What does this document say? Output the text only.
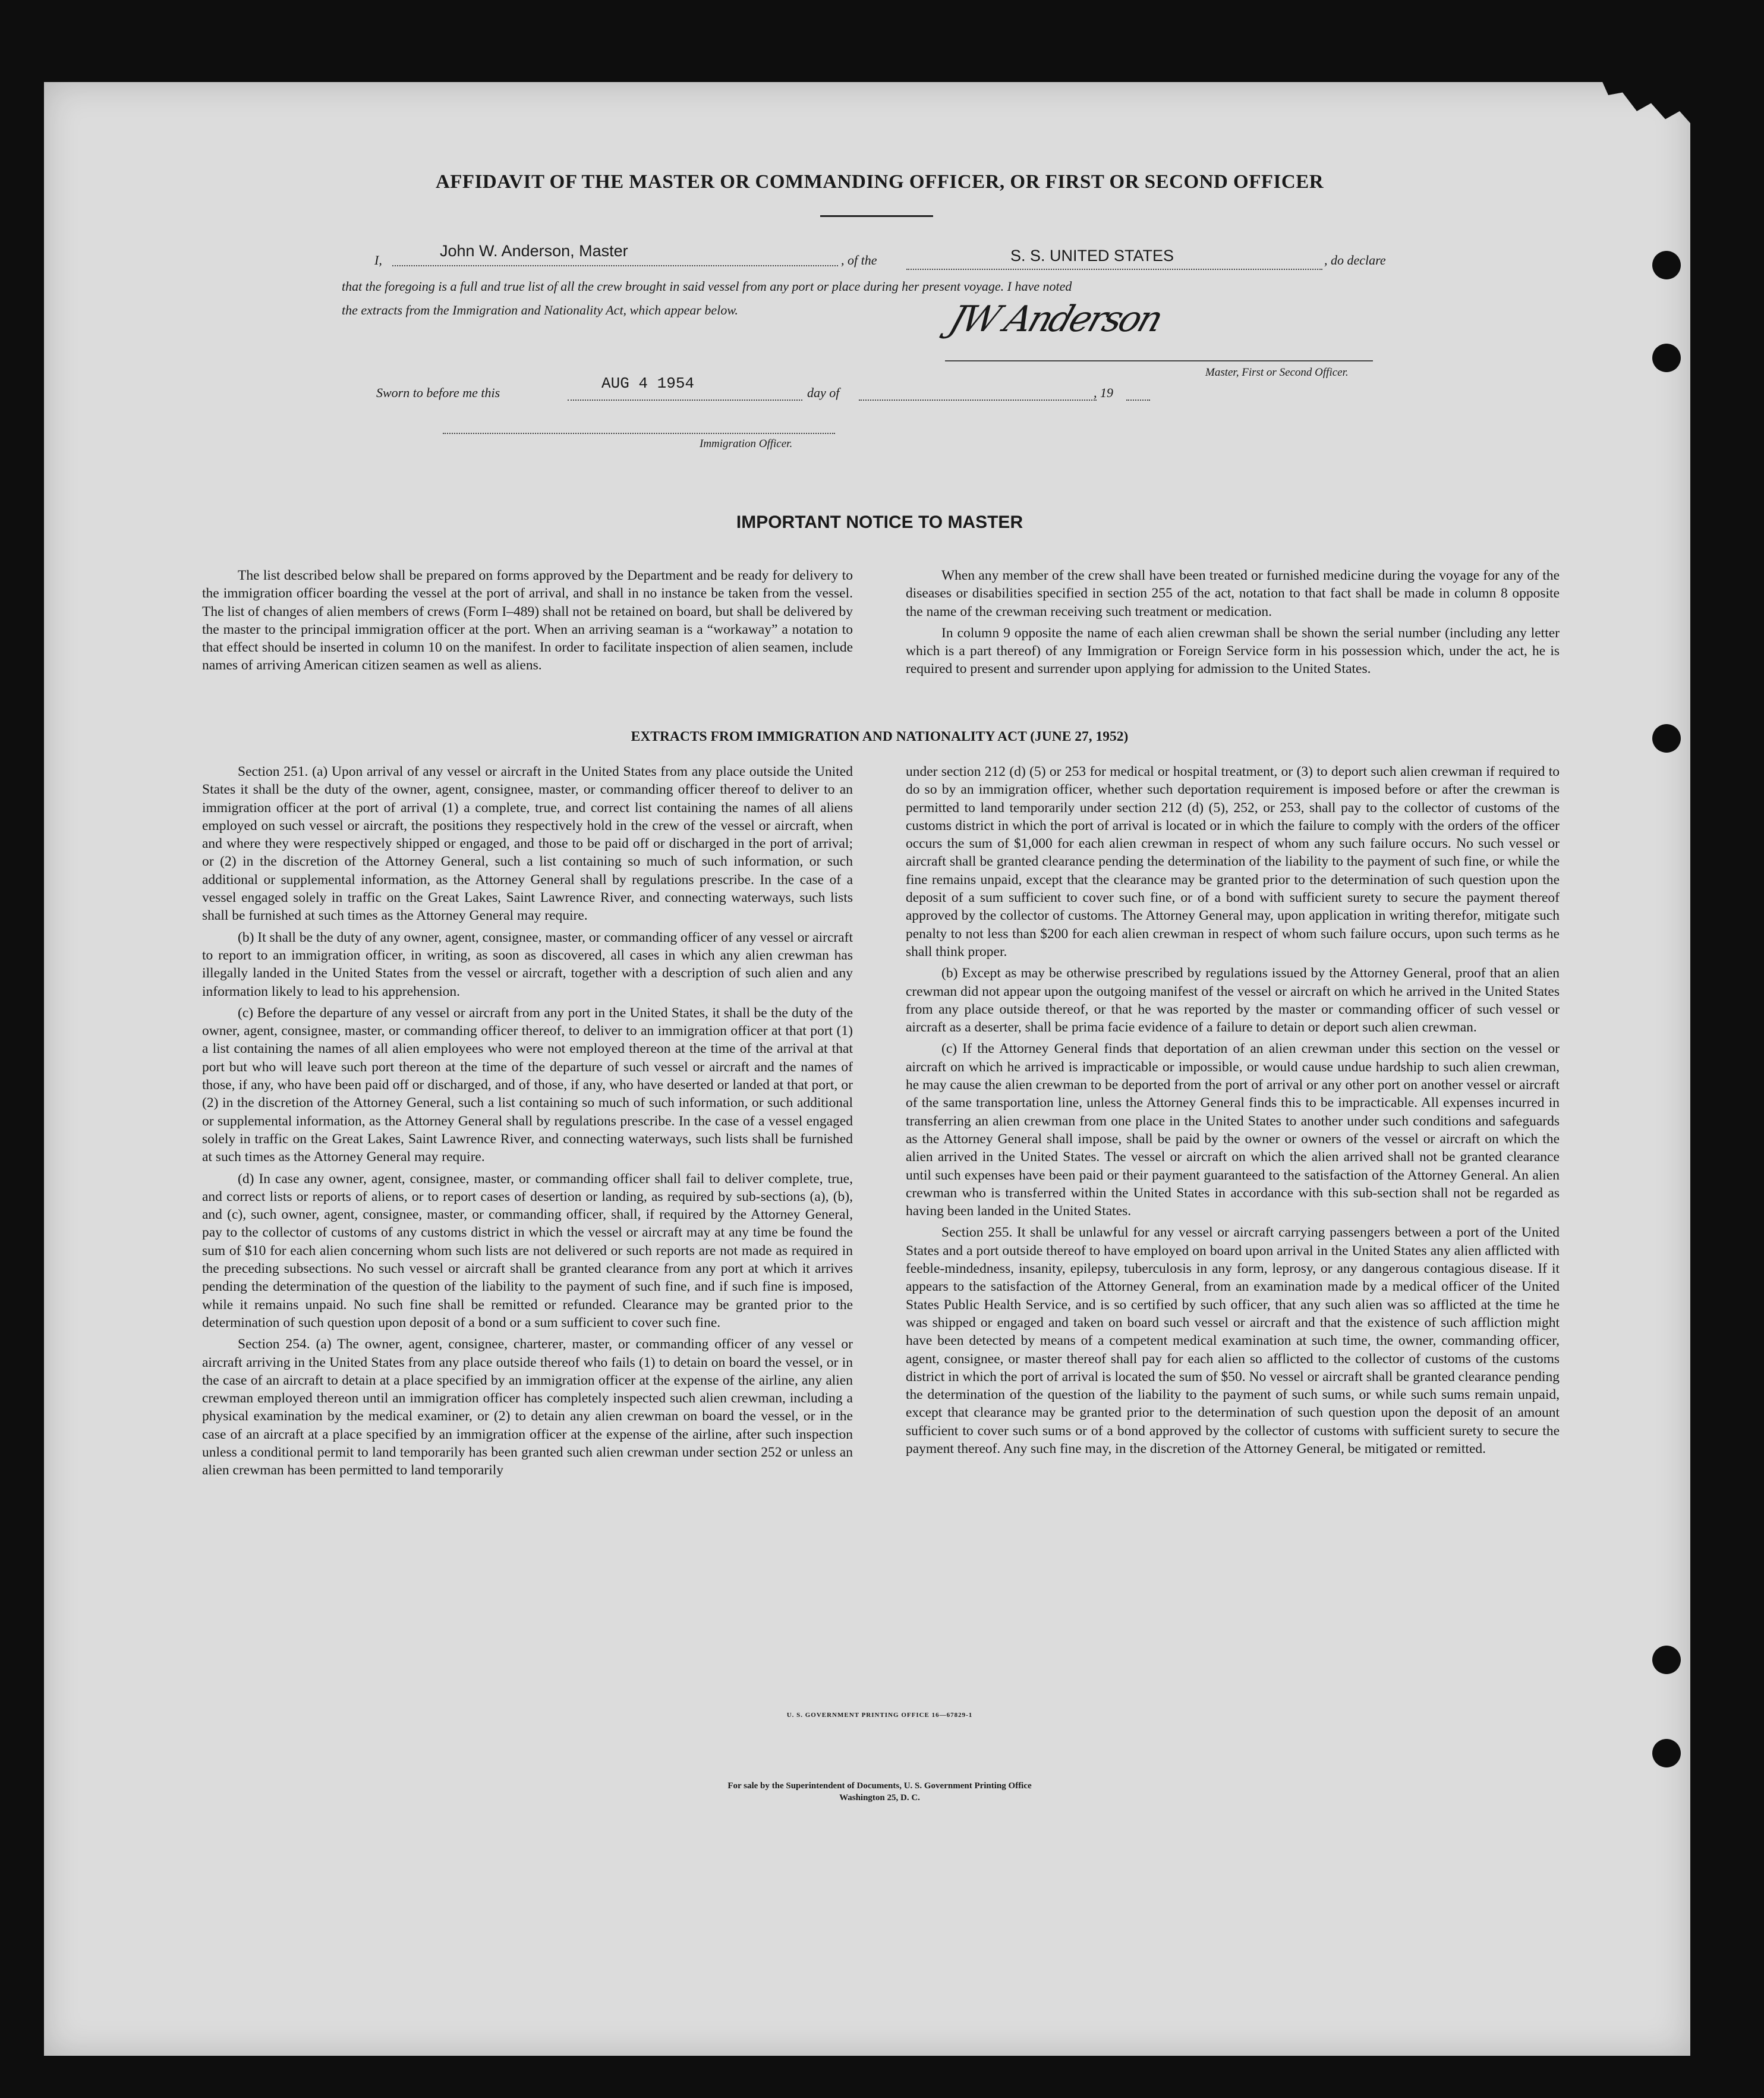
AFFIDAVIT OF THE MASTER OR COMMANDING OFFICER, OR FIRST OR SECOND OFFICER
I,
John W. Anderson, Master
, of the	S. S. UNITED STATES	, do declare
that the foregoing is a full and true list of all the crew brought in said vessel from any port or place during her present voyage. I have noted
the extracts from the Immigration and Nationality Act, which appear below.	JW Anderson
Master, First or Second Officer.
Sworn to before me this
AUG 4 1954
day of	, 19
Immigration Officer.
IMPORTANT NOTICE TO MASTER

The list described below shall be prepared on forms approved by the Department and be ready for delivery to the immigration officer boarding the vessel at the port of arrival, and shall in no instance be taken from the vessel. The list of changes of alien members of crews (Form I–489) shall not be retained on board, but shall be delivered by the master to the principal immigration officer at the port. When an arriving seaman is a “workaway” a notation to that effect should be inserted in column 10 on the manifest. In order to facilitate inspection of alien seamen, include names of arriving American citizen seamen as well as aliens.

When any member of the crew shall have been treated or furnished medicine during the voyage for any of the diseases or disabilities specified in section 255 of the act, notation to that fact shall be made in column 8 opposite the name of the crewman receiving such treatment or medication.

In column 9 opposite the name of each alien crewman shall be shown the serial number (including any letter which is a part thereof) of any Immigration or Foreign Service form in his possession which, under the act, he is required to present and surrender upon applying for admission to the United States.

EXTRACTS FROM IMMIGRATION AND NATIONALITY ACT (JUNE 27, 1952)

Section 251. (a) Upon arrival of any vessel or aircraft in the United States from any place outside the United States it shall be the duty of the owner, agent, consignee, master, or commanding officer thereof to deliver to an immigration officer at the port of arrival (1) a complete, true, and correct list containing the names of all aliens employed on such vessel or aircraft, the positions they respectively hold in the crew of the vessel or aircraft, when and where they were respectively shipped or engaged, and those to be paid off or discharged in the port of arrival; or (2) in the discretion of the Attorney General, such a list containing so much of such information, or such additional or supplemental information, as the Attorney General shall by regulations prescribe. In the case of a vessel engaged solely in traffic on the Great Lakes, Saint Lawrence River, and connecting waterways, such lists shall be furnished at such times as the Attorney General may require.

(b) It shall be the duty of any owner, agent, consignee, master, or commanding officer of any vessel or aircraft to report to an immigration officer, in writing, as soon as discovered, all cases in which any alien crewman has illegally landed in the United States from the vessel or aircraft, together with a description of such alien and any information likely to lead to his apprehension.

(c) Before the departure of any vessel or aircraft from any port in the United States, it shall be the duty of the owner, agent, consignee, master, or commanding officer thereof, to deliver to an immigration officer at that port (1) a list containing the names of all alien employees who were not employed thereon at the time of the arrival at that port but who will leave such port thereon at the time of the departure of such vessel or aircraft and the names of those, if any, who have been paid off or discharged, and of those, if any, who have deserted or landed at that port, or (2) in the discretion of the Attorney General, such a list containing so much of such information, or such additional or supplemental information, as the Attorney General shall by regulations prescribe. In the case of a vessel engaged solely in traffic on the Great Lakes, Saint Lawrence River, and connecting waterways, such lists shall be furnished at such times as the Attorney General may require.

(d) In case any owner, agent, consignee, master, or commanding officer shall fail to deliver complete, true, and correct lists or reports of aliens, or to report cases of desertion or landing, as required by sub-sections (a), (b), and (c), such owner, agent, consignee, master, or commanding officer, shall, if required by the Attorney General, pay to the collector of customs of any customs district in which the vessel or aircraft may at any time be found the sum of $10 for each alien concerning whom such lists are not delivered or such reports are not made as required in the preceding subsections. No such vessel or aircraft shall be granted clearance from any port at which it arrives pending the determination of the question of the liability to the payment of such fine, and if such fine is imposed, while it remains unpaid. No such fine shall be remitted or refunded. Clearance may be granted prior to the determination of such question upon deposit of a bond or a sum sufficient to cover such fine.

Section 254. (a) The owner, agent, consignee, charterer, master, or commanding officer of any vessel or aircraft arriving in the United States from any place outside thereof who fails (1) to detain on board the vessel, or in the case of an aircraft to detain at a place specified by an immigration officer at the expense of the airline, any alien crewman employed thereon until an immigration officer has completely inspected such alien crewman, including a physical examination by the medical examiner, or (2) to detain any alien crewman on board the vessel, or in the case of an aircraft at a place specified by an immigration officer at the expense of the airline, after such inspection unless a conditional permit to land temporarily has been granted such alien crewman under section 252 or unless an alien crewman has been permitted to land temporarily

under section 212 (d) (5) or 253 for medical or hospital treatment, or (3) to deport such alien crewman if required to do so by an immigration officer, whether such deportation requirement is imposed before or after the crewman is permitted to land temporarily under section 212 (d) (5), 252, or 253, shall pay to the collector of customs of the customs district in which the port of arrival is located or in which the failure to comply with the orders of the officer occurs the sum of $1,000 for each alien crewman in respect of whom any such failure occurs. No such vessel or aircraft shall be granted clearance pending the determination of the liability to the payment of such fine, or while the fine remains unpaid, except that the clearance may be granted prior to the determination of such question upon the deposit of a sum sufficient to cover such fine, or of a bond with sufficient surety to secure the payment thereof approved by the collector of customs. The Attorney General may, upon application in writing therefor, mitigate such penalty to not less than $200 for each alien crewman in respect of whom such failure occurs, upon such terms as he shall think proper.

(b) Except as may be otherwise prescribed by regulations issued by the Attorney General, proof that an alien crewman did not appear upon the outgoing manifest of the vessel or aircraft on which he arrived in the United States from any place outside thereof, or that he was reported by the master or commanding officer of such vessel or aircraft as a deserter, shall be prima facie evidence of a failure to detain or deport such alien crewman.

(c) If the Attorney General finds that deportation of an alien crewman under this section on the vessel or aircraft on which he arrived is impracticable or impossible, or would cause undue hardship to such alien crewman, he may cause the alien crewman to be deported from the port of arrival or any other port on another vessel or aircraft of the same transportation line, unless the Attorney General finds this to be impracticable. All expenses incurred in transferring an alien crewman from one place in the United States to another under such conditions and safeguards as the Attorney General shall impose, shall be paid by the owner or owners of the vessel or aircraft on which the alien arrived in the United States. The vessel or aircraft on which the alien arrived shall not be granted clearance until such expenses have been paid or their payment guaranteed to the satisfaction of the Attorney General. An alien crewman who is transferred within the United States in accordance with this sub-section shall not be regarded as having been landed in the United States.

Section 255. It shall be unlawful for any vessel or aircraft carrying passengers between a port of the United States and a port outside thereof to have employed on board upon arrival in the United States any alien afflicted with feeble-mindedness, insanity, epilepsy, tuberculosis in any form, leprosy, or any dangerous contagious disease. If it appears to the satisfaction of the Attorney General, from an examination made by a medical officer of the United States Public Health Service, and is so certified by such officer, that any such alien was so afflicted at the time he was shipped or engaged and taken on board such vessel or aircraft and that the existence of such affliction might have been detected by means of a competent medical examination at such time, the owner, commanding officer, agent, consignee, or master thereof shall pay for each alien so afflicted to the collector of customs of the customs district in which the port of arrival is located the sum of $50. No vessel or aircraft shall be granted clearance pending the determination of the question of the liability to the payment of such sums, or while such sums remain unpaid, except that clearance may be granted prior to the determination of such question upon the deposit of an amount sufficient to cover such sums or of a bond approved by the collector of customs with sufficient surety to secure the payment thereof. Any such fine may, in the discretion of the Attorney General, be mitigated or remitted.

U. S. GOVERNMENT PRINTING OFFICE 16—67829-1
For sale by the Superintendent of Documents, U. S. Government Printing Office
Washington 25, D. C.
